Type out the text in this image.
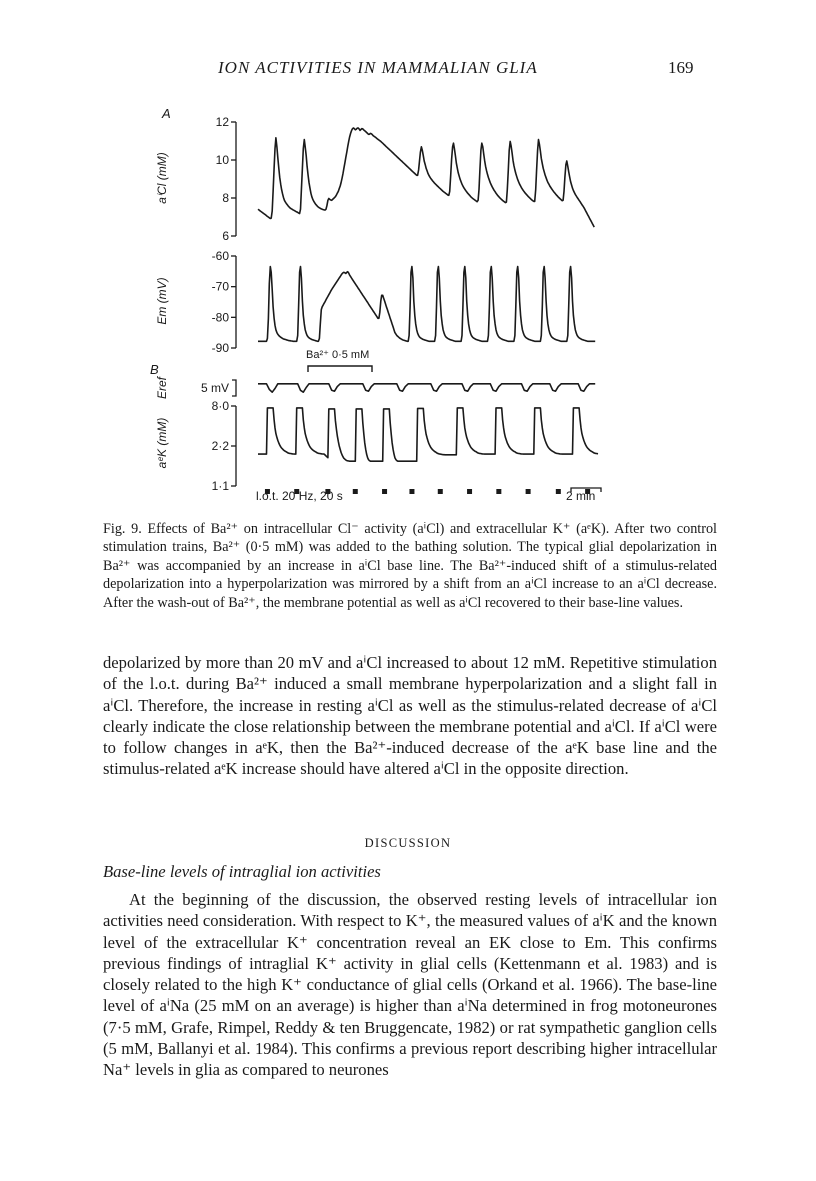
ION ACTIVITIES IN MAMMALIAN GLIA	169
A
B
12
10
8
6
aⁱCl (mM)
-60
-70
-80
-90
Em (mV)
5 mV
Eref
8·0
2·2
1·1
aᵉK (mM)
l.o.t. 20 Hz, 20 s	2 min
Ba²⁺ 0·5 mM
Fig. 9. Effects of Ba²⁺ on intracellular Cl⁻ activity (aⁱCl) and extracellular K⁺ (aᵉK). After two control stimulation trains, Ba²⁺ (0·5 mM) was added to the bathing solution. The typical glial depolarization in Ba²⁺ was accompanied by an increase in aⁱCl base line. The Ba²⁺-induced shift of a stimulus-related depolarization into a hyperpolarization was mirrored by a shift from an aⁱCl increase to an aⁱCl decrease. After the wash-out of Ba²⁺, the membrane potential as well as aⁱCl recovered to their base-line values.
depolarized by more than 20 mV and aⁱCl increased to about 12 mM. Repetitive stimulation of the l.o.t. during Ba²⁺ induced a small membrane hyperpolarization and a slight fall in aⁱCl. Therefore, the increase in resting aⁱCl as well as the stimulus-related decrease of aⁱCl clearly indicate the close relationship between the membrane potential and aⁱCl. If aⁱCl were to follow changes in aᵉK, then the Ba²⁺-induced decrease of the aᵉK base line and the stimulus-related aᵉK increase should have altered aⁱCl in the opposite direction.
DISCUSSION
Base-line levels of intraglial ion activities
At the beginning of the discussion, the observed resting levels of intracellular ion activities need consideration. With respect to K⁺, the measured values of aⁱK and the known level of the extracellular K⁺ concentration reveal an EK close to Em. This confirms previous findings of intraglial K⁺ activity in glial cells (Kettenmann et al. 1983) and is closely related to the high K⁺ conductance of glial cells (Orkand et al. 1966). The base-line level of aⁱNa (25 mM on an average) is higher than aⁱNa determined in frog motoneurones (7·5 mM, Grafe, Rimpel, Reddy & ten Bruggencate, 1982) or rat sympathetic ganglion cells (5 mM, Ballanyi et al. 1984). This confirms a previous report describing higher intracellular Na⁺ levels in glia as compared to neurones
